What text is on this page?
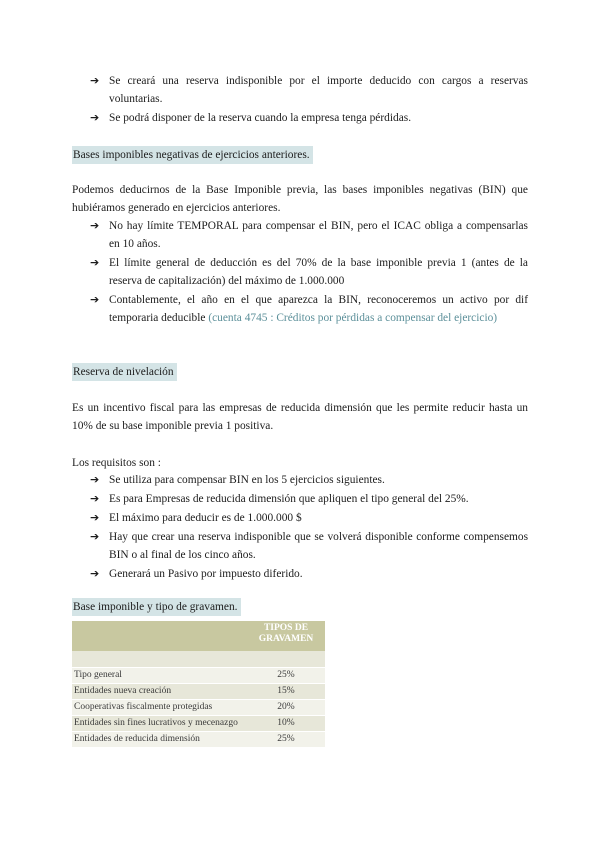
➔ Se creará una reserva indisponible por el importe deducido con cargos a reservas voluntarias.
➔ Se podrá disponer de la reserva cuando la empresa tenga pérdidas.
Bases imponibles negativas de ejercicios anteriores.

Podemos deducirnos de la Base Imponible previa, las bases imponibles negativas (BIN) que hubiéramos generado en ejercicios anteriores.

➔ No hay límite TEMPORAL para compensar el BIN, pero el ICAC obliga a compensarlas en 10 años.
➔ El límite general de deducción es del 70% de la base imponible previa 1 (antes de la reserva de capitalización) del máximo de 1.000.000
➔ Contablemente, el año en el que aparezca la BIN, reconoceremos un activo por dif temporaria deducible (cuenta 4745 : Créditos por pérdidas a compensar del ejercicio)
Reserva de nivelación

Es un incentivo fiscal para las empresas de reducida dimensión que les permite reducir hasta un 10% de su base imponible previa 1 positiva.

Los requisitos son :

➔ Se utiliza para compensar BIN en los 5 ejercicios siguientes.
➔ Es para Empresas de reducida dimensión que apliquen el tipo general del 25%.
➔ El máximo para deducir es de 1.000.000 $
➔ Hay que crear una reserva indisponible que se volverá disponible conforme compensemos BIN o al final de los cinco años.
➔ Generará un Pasivo por impuesto diferido.
Base imponible y tipo de gravamen.
	TIPOS DE
GRAVAMEN

Tipo general	25%
Entidades nueva creación	15%
Cooperativas fiscalmente protegidas	20%
Entidades sin fines lucrativos y mecenazgo	10%
Entidades de reducida dimensión	25%
